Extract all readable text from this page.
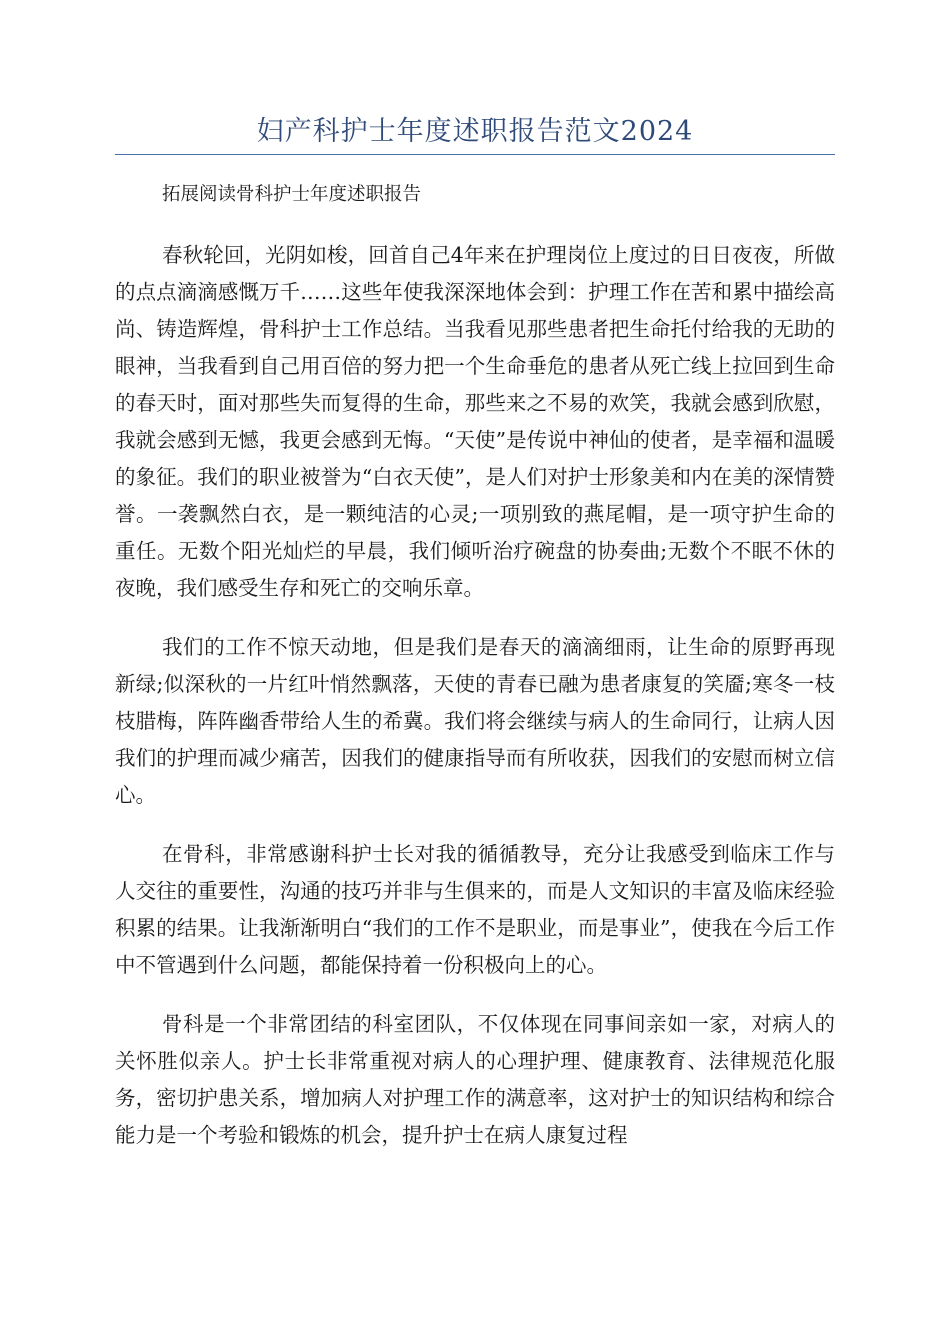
妇产科护士年度述职报告范文2024

拓展阅读骨科护士年度述职报告

春秋轮回，光阴如梭，回首自己4年来在护理岗位上度过的日日夜夜，所做的点点滴滴感慨万千……这些年使我深深地体会到：护理工作在苦和累中描绘高尚、铸造辉煌，骨科护士工作总结。当我看见那些患者把生命托付给我的无助的眼神，当我看到自己用百倍的努力把一个生命垂危的患者从死亡线上拉回到生命的春天时，面对那些失而复得的生命，那些来之不易的欢笑，我就会感到欣慰，我就会感到无憾，我更会感到无悔。“天使”是传说中神仙的使者，是幸福和温暖的象征。我们的职业被誉为“白衣天使”，是人们对护士形象美和内在美的深情赞誉。一袭飘然白衣，是一颗纯洁的心灵;一项别致的燕尾帽，是一项守护生命的重任。无数个阳光灿烂的早晨，我们倾听治疗碗盘的协奏曲;无数个不眠不休的夜晚，我们感受生存和死亡的交响乐章。

我们的工作不惊天动地，但是我们是春天的滴滴细雨，让生命的原野再现新绿;似深秋的一片红叶悄然飘落，天使的青春已融为患者康复的笑靥;寒冬一枝枝腊梅，阵阵幽香带给人生的希冀。我们将会继续与病人的生命同行，让病人因我们的护理而减少痛苦，因我们的健康指导而有所收获，因我们的安慰而树立信心。

在骨科，非常感谢科护士长对我的循循教导，充分让我感受到临床工作与人交往的重要性，沟通的技巧并非与生俱来的，而是人文知识的丰富及临床经验积累的结果。让我渐渐明白“我们的工作不是职业，而是事业”，使我在今后工作中不管遇到什么问题，都能保持着一份积极向上的心。

骨科是一个非常团结的科室团队，不仅体现在同事间亲如一家，对病人的关怀胜似亲人。护士长非常重视对病人的心理护理、健康教育、法律规范化服务，密切护患关系，增加病人对护理工作的满意率，这对护士的知识结构和综合能力是一个考验和锻炼的机会，提升护士在病人康复过程
